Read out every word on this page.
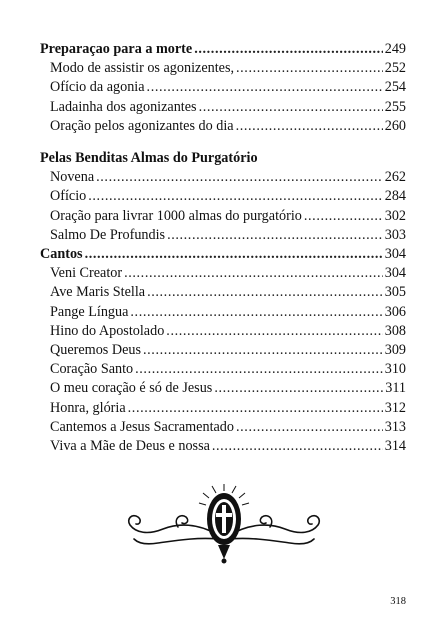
Preparaçao para a morte .....	249
Modo de assistir os agonizentes, .....	252
Ofício da agonia .....	254
Ladainha dos agonizantes .....	255
Oração pelos agonizantes do dia .....	260
Pelas Benditas Almas do Purgatório
Novena .....	262
Ofício .....	284
Oração para livrar 1000 almas do purgatório .....	302
Salmo De Profundis .....	303
Cantos .....	304
Veni Creator .....	304
Ave Maris Stella .....	305
Pange Língua .....	306
Hino do Apostolado .....	308
Queremos Deus .....	309
Coração Santo .....	310
O meu coração é só de Jesus .....	311
Honra, glória .....	312
Cantemos a Jesus Sacramentado .....	313
Viva a Mãe de Deus e nossa .....	314
318
